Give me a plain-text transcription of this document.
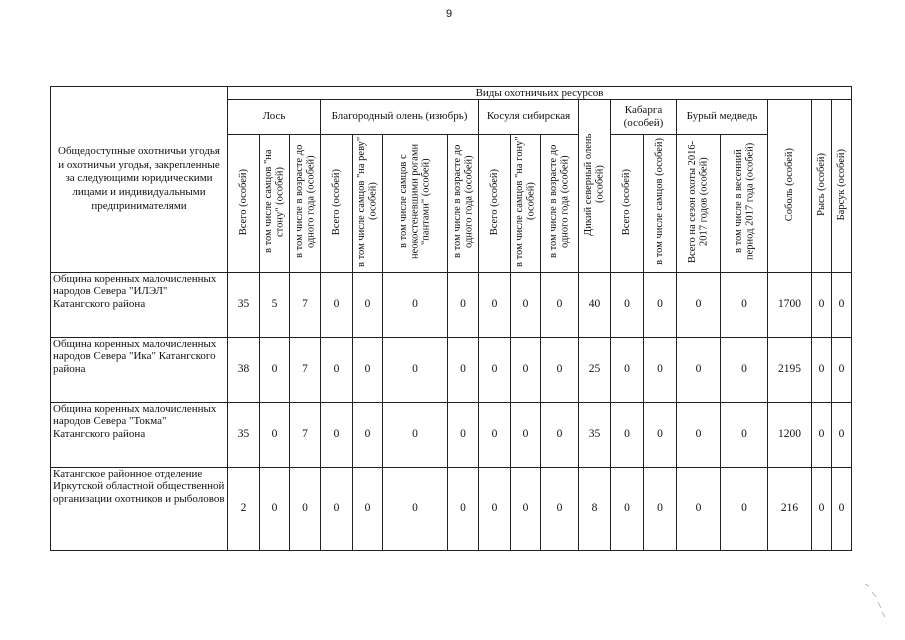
9
Общедоступные охотничьи угодья и охотничьи угодья, закрепленные за следующими юридическими лицами и индивидуальными предпринимателями	Виды охотничьих ресурсов																	
	Лось			Благородный олень (изюбрь)				Косуля сибирская			Дикий северный олень (особей)	Кабарга (особей)		Бурый медведь		Соболь (особей)	Рысь (особей)	Барсук (особей)
	Всего (особей)	в том числе самцов "на стону" (особей)	в том числе в возрасте до одного года (особей)	Всего (особей)	в том числе самцов "на реву" (особей)	в том числе самцов с неокостеневшими рогами "пантами" (особей)	в том числе в возрасте до одного года (особей)	Всего (особей)	в том числе самцов "на гону" (особей)	в том числе в возрасте до одного года (особей)		Всего (особей)	в том числе самцов (особей)	Всего на сезон охоты 2016-2017 годов (особей)	в том числе в весенний период 2017 года (особей)			
Община коренных малочисленных народов Севера "ИЛЭЛ" Катангского района	35	5	7	0	0	0	0	0	0	0	40	0	0	0	0	1700	0	0
Община коренных малочисленных народов Севера "Ика" Катангского района	38	0	7	0	0	0	0	0	0	0	25	0	0	0	0	2195	0	0
Община коренных малочисленных народов Севера "Токма" Катангского района	35	0	7	0	0	0	0	0	0	0	35	0	0	0	0	1200	0	0
Катангское районное отделение Иркутской областной общественной организации охотников и рыболовов	2	0	0	0	0	0	0	0	0	0	8	0	0	0	0	216	0	0
